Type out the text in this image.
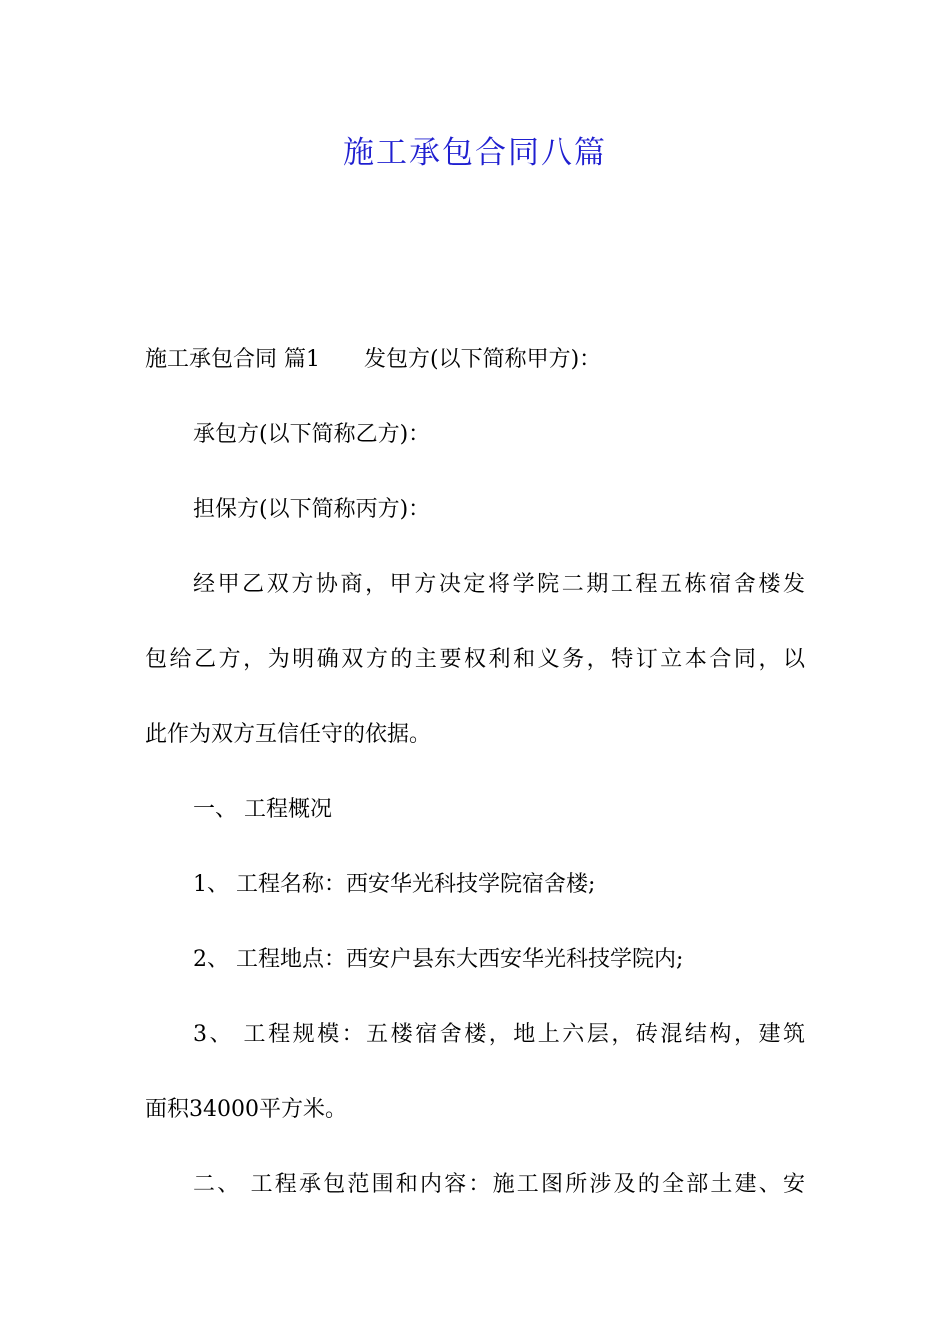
施工承包合同八篇
施工承包合同 篇1 发包方(以下简称甲方)：
承包方(以下简称乙方)：
担保方(以下简称丙方)：
经甲乙双方协商，甲方决定将学院二期工程五栋宿舍楼发
包给乙方，为明确双方的主要权利和义务，特订立本合同，以
此作为双方互信任守的依据。
一、 工程概况
1、 工程名称：西安华光科技学院宿舍楼;
2、 工程地点：西安户县东大西安华光科技学院内;
3、 工程规模：五楼宿舍楼，地上六层，砖混结构，建筑
面积34000平方米。
二、 工程承包范围和内容：施工图所涉及的全部土建、安
